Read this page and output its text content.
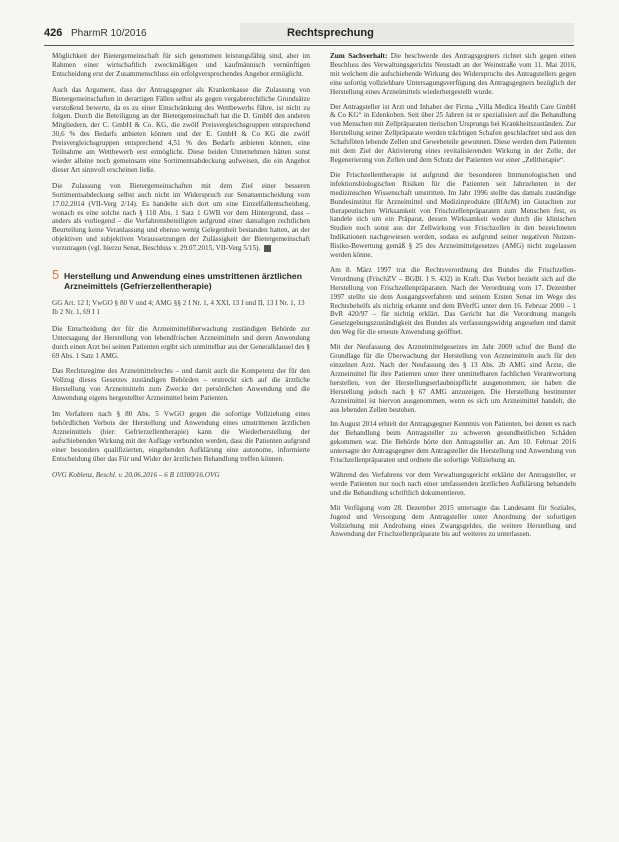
426 PharmR 10/2016	Rechtsprechung

Möglichkeit der Bietergemeinschaft für sich genommen leistungsfähig sind, aber im Rahmen einer wirtschaftlich zweckmäßigen und kaufmännisch vernünftigen Entscheidung erst der Zusammenschluss ein erfolgversprechendes Angebot ermöglicht.

Auch das Argument, dass der Antragsgegner als Krankenkasse die Zulassung von Bietergemeinschaften in derartigen Fällen selbst als gegen vergaberechtliche Grundsätze verstoßend bewerte, da es zu einer Einschränkung des Wettbewerbs führe, ist nicht zu folgen. Durch die Beteiligung an der Bietergemeinschaft hat die D. GmbH den anderen Mitgliedern, der C. GmbH & Co. KG, die zwölf Preisvergleichsgruppen entsprechend 30,6 % des Bedarfs anbieten können und der E. GmbH & Co KG die zwölf Preisvergleichsgruppen entsprechend 4,51 % des Bedarfs anbieten können, eine Teilnahme am Wettbewerb erst ermöglicht. Diese beiden Unternehmen hätten sonst wieder alleine noch gemeinsam eine Sortimentsabdeckung aufweisen, die ein Angebot dieser Art sinnvoll erscheinen ließe.

Die Zulassung von Bietergemeinschaften mit dem Ziel einer besseren Sortimentsabdeckung selbst auch nicht im Widerspruch zur Senatsentscheidung vom 17.02.2014 (VII-Verg 2/14). Es handelte sich dort um eine Einzelfallentscheidung, wonach es eine solche nach § 118 Abs. 1 Satz 1 GWB vor dem Hintergrund, dass – anders als vorliegend – die Verfahrensbeteiligten aufgrund einer damaligen rechtlichen Beurteilung keine Veranlassung und ebenso wenig Gelegenheit bestanden hatten, an der objektiven und subjektiven Voraussetzungen der Zulässigkeit der Bietergemeinschaft vorzutragen (vgl. hierzu Senat, Beschluss v. 29.07.2015, VII-Verg 5/15).

5 Herstellung und Anwendung eines umstrittenen ärztlichen Arzneimittels (Gefrierzellentherapie)
GG Art. 12 I; VwGO § 80 V und 4; AMG §§ 2 I Nr. 1, 4 XXI, 13 I und II, 13 I Nr. 1, 13 Ib 2 Nr. 1, 69 I 1

Die Entscheidung der für die Arzneimittelüberwachung zuständigen Behörde zur Untersagung der Herstellung von lebendfrischen Arzneimitteln und deren Anwendung durch einen Arzt bei seinen Patienten ergibt sich unmittelbar aus der Generalklausel des § 69 Abs. 1 Satz 1 AMG.

Das Rechtsregime des Arzneimittelrechts – und damit auch die Kompetenz der für den Vollzug dieses Gesetzes zuständigen Behörden – erstreckt sich auf die ärztliche Herstellung von Arzneimitteln zum Zwecke der persönlichen Anwendung und die Anwendung eigens hergestellter Arzneimittel beim Patienten.

Im Verfahren nach § 80 Abs. 5 VwGO gegen die sofortige Vollziehung eines behördlichen Verbots der Herstellung und Anwendung eines umstrittenen ärztlichen Arzneimittels (hier: Gefrierzellentherapie) kann die Wiederherstellung der aufschiebenden Wirkung mit der Auflage verbunden werden, dass die Patienten aufgrund einer besonders qualifizierten, eingehenden Aufklärung eine autonome, informierte Entscheidung über das Für und Wider der ärztlichen Behandlung treffen können.

OVG Koblenz, Beschl. v. 20.06.2016 – 6 B 10300/16.OVG

Zum Sachverhalt: Die beschwerde des Antragsgegners richtet sich gegen einen Beschluss des Verwaltungsgerichts Neustadt an der Weinstraße vom 11. Mai 2016, mit welchem die aufschiebende Wirkung des Widerspruchs des Antragstellers gegen eine sofortig vollziehbare Untersagungsverfügung des Antragsgegners bezüglich der Herstellung eines Arzneimittels wiederhergestellt wurde.

Der Antragsteller ist Arzt und Inhaber der Firma „Villa Medica Health Care GmbH & Co KG“ in Edenkoben. Seit über 25 Jahren ist er spezialisiert auf die Behandlung von Menschen mit Zellpräparaten tierischen Ursprungs bei Krankheitszuständen. Zur Herstellung seiner Zellpräparate werden trächtigen Schafen geschlachtet und aus den Schafsföten lebende Zellen und Gewebeteile gewonnen. Diese werden dem Patienten mit dem Ziel der Aktivierung eines revitalisierenden Wirkung in der Zelle, der Regenerierung von Zellen und dem Schutz der Patienten vor einer „Zelltherapie“.

Die Frischzellentherapie ist aufgrund der besonderen Immunologischen und infektionsbiologischen Risiken für die Patienten seit Jahrzehnten in der medizinischen Wissenschaft umstritten. Im Jahr 1996 stellte das damals zuständige Bundesinstitut für Arzneimittel und Medizinprodukte (BfArM) im Gutachten zur therapeutischen Wirksamkeit von Frischzellenpräparaten zum Menschen fest, es handele sich um ein Präparat, dessen Wirksamkeit weder durch die klinischen Studien noch sonst aus der Zellwirkung von Frischzellen in den bezeichneten Indikationen nachgewiesen werden, sodass es aufgrund seiner negativen Nutzen-Risiko-Bewertung gemäß § 25 des Arzneimittelgesetzes (AMG) nicht zugelassen werden könne.

Am 8. März 1997 trat die Rechtsverordnung des Bundes die Frischzellen-Verordnung (FrischZV – BGBl. I S. 432) in Kraft. Das Verbot bezieht sich auf die Herstellung von Frischzellenpräparaten. Nach der Verordnung vom 17. Dezember 1997 stellte sie dem Ausgangsverfahren und seinem Ersten Senat im Wege des Rechtsbehelfs als nichtig erkannt und dem BVerfG unter dem 16. Februar 2000 – 1 BvR 420/97 – für nichtig erklärt. Das Gericht hat die Verordnung mangels Gesetzgebungszuständigkeit des Bundes als verfassungswidrig angesehen und damit den Weg für die erneute Anwendung geöffnet.

Mit der Neufassung des Arzneimittelgesetzes im Jahr 2009 schuf der Bund die Grundlage für die Überwachung der Herstellung von Arzneimitteln auch für den einzelnen Arzt. Nach der Neufassung des § 13 Abs. 2b AMG sind Ärzte, die Arzneimittel für ihre Patienten unter ihrer unmittelbaren fachlichen Verantwortung herstellen, von der Herstellungserlaubnispflicht ausgenommen; sie haben die Herstellung jedoch nach § 67 AMG anzuzeigen. Die Herstellung bestimmter Arzneimittel ist hiervon ausgenommen, wenn es sich um Arzneimittel handelt, die aus lebenden Zellen bestehen.

Im August 2014 erhielt der Antragsgegner Kenntnis von Patienten, bei denen es nach der Behandlung beim Antragsteller zu schweren gesundheitlichen Schäden gekommen war. Die Behörde hörte den Antragsteller an. Am 10. Februar 2016 untersagte der Antragsgegner dem Antragsteller die Herstellung und Anwendung von Frischzellenpräparaten und ordnete die sofortige Vollziehung an.

Während des Verfahrens vor dem Verwaltungsgericht erklärte der Antragsteller, er werde Patienten nur noch nach einer umfassenden ärztlichen Aufklärung behandeln und die Behandlung schriftlich dokumentieren.

Mit Verfügung vom 28. Dezember 2015 untersagte das Landesamt für Soziales, Jugend und Versorgung dem Antragsteller unter Anordnung der sofortigen Vollziehung mit Androhung eines Zwangsgeldes, die weitere Herstellung und Anwendung der Frischzellenpräparate bis auf weiteres zu unterlassen.
